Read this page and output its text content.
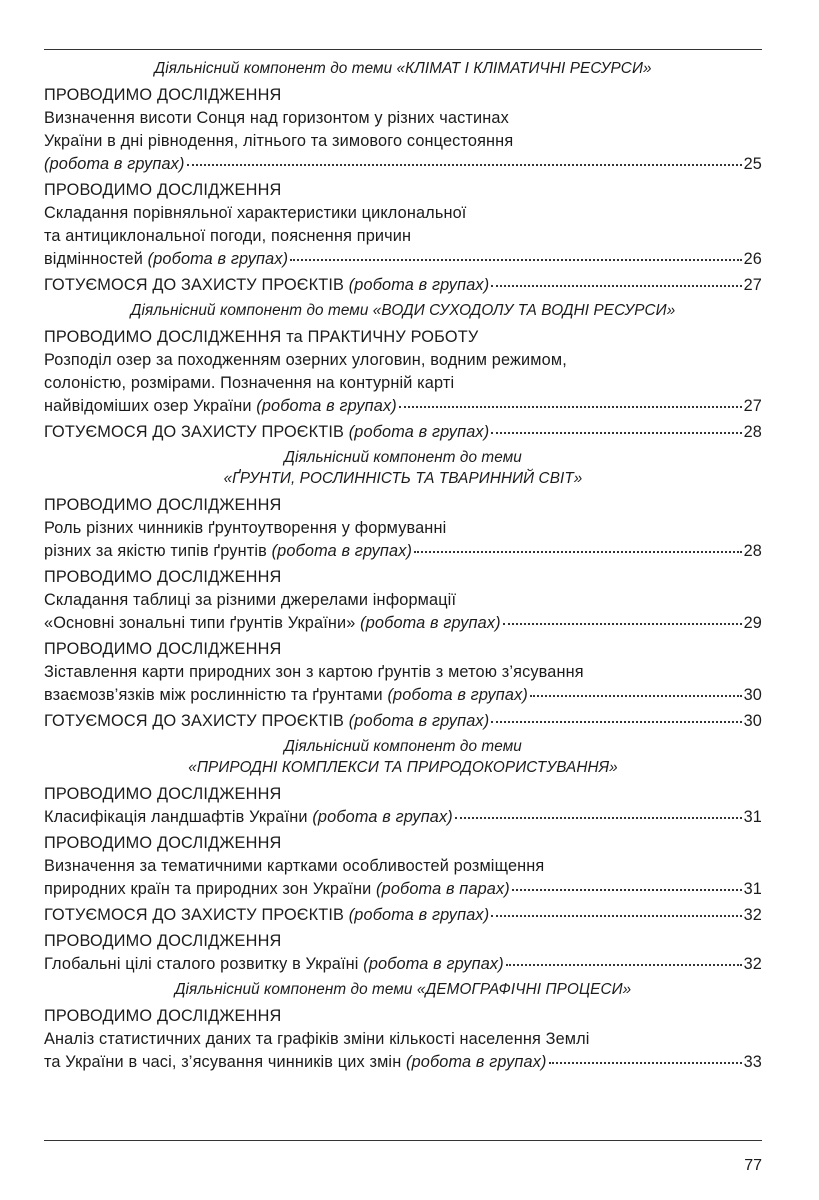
Діяльнісний компонент до теми «КЛІМАТ І КЛІМАТИЧНІ РЕСУРСИ»
ПРОВОДИМО ДОСЛІДЖЕННЯ
Визначення висоти Сонця над горизонтом у різних частинах
України в дні рівнодення, літнього та зимового сонцестояння
(робота в групах)	25
ПРОВОДИМО ДОСЛІДЖЕННЯ
Складання порівняльної характеристики циклональної
та антициклональної погоди, пояснення причин
відмінностей (робота в групах)	26
ГОТУЄМОСЯ ДО ЗАХИСТУ ПРОЄКТІВ (робота в групах)	27
Діяльнісний компонент до теми «ВОДИ СУХОДОЛУ ТА ВОДНІ РЕСУРСИ»
ПРОВОДИМО ДОСЛІДЖЕННЯ та ПРАКТИЧНУ РОБОТУ
Розподіл озер за походженням озерних улоговин, водним режимом,
солоністю, розмірами. Позначення на контурній карті
найвідоміших озер України (робота в групах)	27
ГОТУЄМОСЯ ДО ЗАХИСТУ ПРОЄКТІВ (робота в групах)	28
Діяльнісний компонент до теми
«ҐРУНТИ, РОСЛИННІСТЬ ТА ТВАРИННИЙ СВІТ»
ПРОВОДИМО ДОСЛІДЖЕННЯ
Роль різних чинників ґрунтоутворення у формуванні
різних за якістю типів ґрунтів (робота в групах)	28
ПРОВОДИМО ДОСЛІДЖЕННЯ
Складання таблиці за різними джерелами інформації
«Основні зональні типи ґрунтів України» (робота в групах)	29
ПРОВОДИМО ДОСЛІДЖЕННЯ
Зіставлення карти природних зон з картою ґрунтів з метою з’ясування
взаємозв’язків між рослинністю та ґрунтами (робота в групах)	30
ГОТУЄМОСЯ ДО ЗАХИСТУ ПРОЄКТІВ (робота в групах)	30
Діяльнісний компонент до теми
«ПРИРОДНІ КОМПЛЕКСИ ТА ПРИРОДОКОРИСТУВАННЯ»
ПРОВОДИМО ДОСЛІДЖЕННЯ
Класифікація ландшафтів України (робота в групах)	31
ПРОВОДИМО ДОСЛІДЖЕННЯ
Визначення за тематичними картками особливостей розміщення
природних країн та природних зон України (робота в парах)	31
ГОТУЄМОСЯ ДО ЗАХИСТУ ПРОЄКТІВ (робота в групах)	32
ПРОВОДИМО ДОСЛІДЖЕННЯ
Глобальні цілі сталого розвитку в Україні (робота в групах)	32
Діяльнісний компонент до теми «ДЕМОГРАФІЧНІ ПРОЦЕСИ»
ПРОВОДИМО ДОСЛІДЖЕННЯ
Аналіз статистичних даних та графіків зміни кількості населення Землі
та України в часі, з’ясування чинників цих змін (робота в групах)	33
77
